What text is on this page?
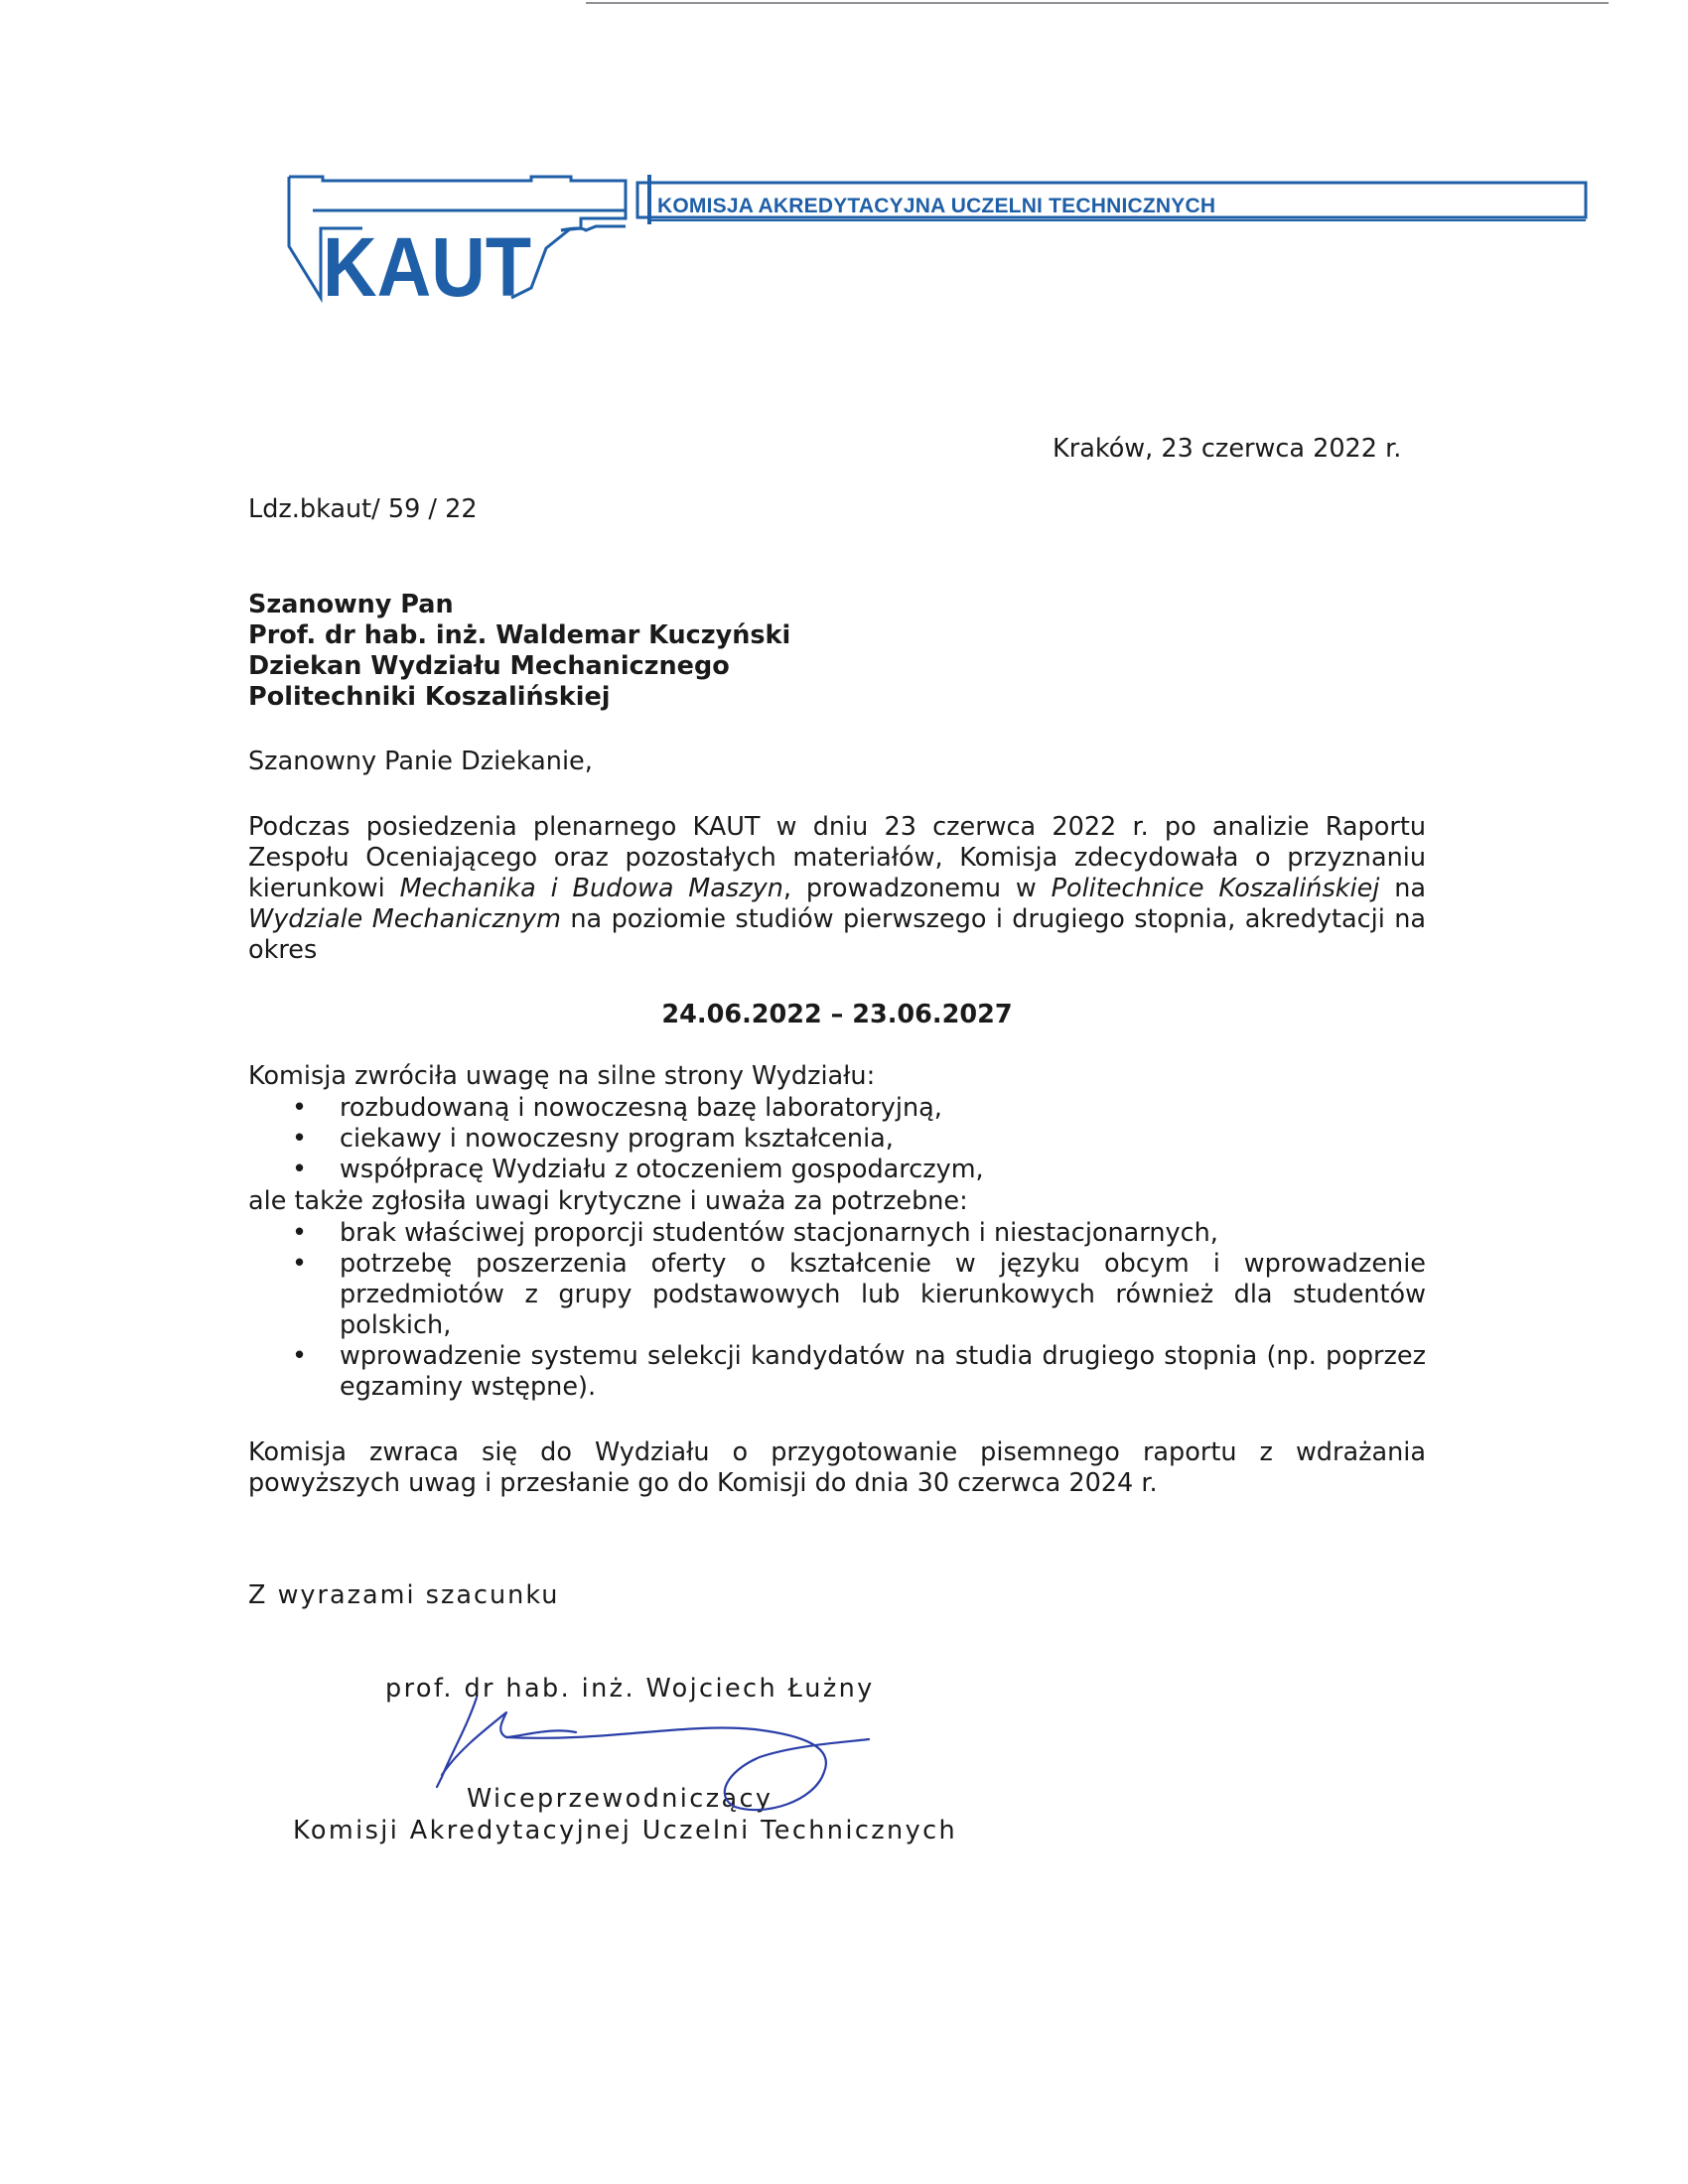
KAUT
KOMISJA AKREDYTACYJNA UCZELNI TECHNICZNYCH
Kraków, 23 czerwca 2022 r.
Ldz.bkaut/ 59 / 22
Szanowny Pan
Prof. dr hab. inż. Waldemar Kuczyński
Dziekan Wydziału Mechanicznego
Politechniki Koszalińskiej
Szanowny Panie Dziekanie,
Podczas posiedzenia plenarnego KAUT w dniu 23 czerwca 2022 r. po analizie Raportu Zespołu Oceniającego oraz pozostałych materiałów, Komisja zdecydowała o przyznaniu kierunkowi Mechanika i Budowa Maszyn, prowadzonemu w Politechnice Koszalińskiej na Wydziale Mechanicznym na poziomie studiów pierwszego i drugiego stopnia, akredytacji na okres
24.06.2022 – 23.06.2027
Komisja zwróciła uwagę na silne strony Wydziału:
• rozbudowaną i nowoczesną bazę laboratoryjną,
• ciekawy i nowoczesny program kształcenia,
• współpracę Wydziału z otoczeniem gospodarczym,
ale także zgłosiła uwagi krytyczne i uważa za potrzebne:
• brak właściwej proporcji studentów stacjonarnych i niestacjonarnych,
• potrzebę poszerzenia oferty o kształcenie w języku obcym i wprowadzenie przedmiotów z grupy podstawowych lub kierunkowych również dla studentów polskich,
• wprowadzenie systemu selekcji kandydatów na studia drugiego stopnia (np. poprzez egzaminy wstępne).
Komisja zwraca się do Wydziału o przygotowanie pisemnego raportu z wdrażania powyższych uwag i przesłanie go do Komisji do dnia 30 czerwca 2024 r.
Z wyrazami szacunku
prof. dr hab. inż. Wojciech Łużny
Wiceprzewodniczący
Komisji Akredytacyjnej Uczelni Technicznych
